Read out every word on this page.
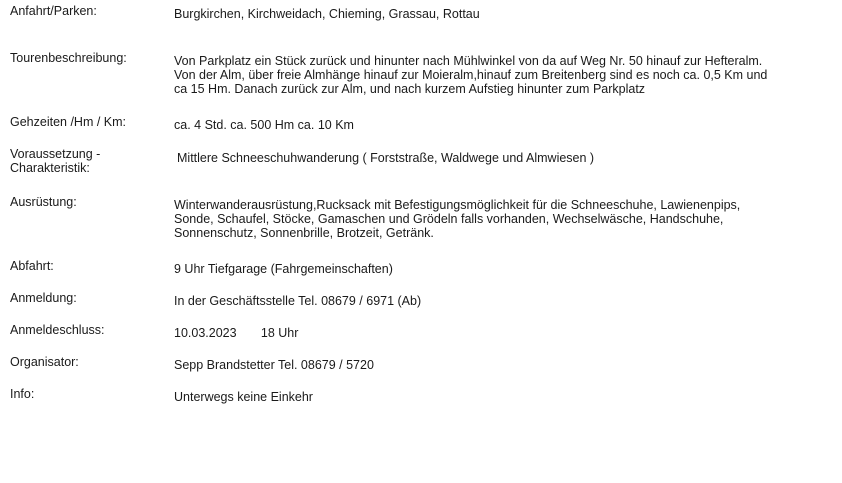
Anfahrt/Parken:	Burgkirchen, Kirchweidach, Chieming, Grassau, Rottau
Tourenbeschreibung:	Von Parkplatz ein Stück zurück und hinunter nach Mühlwinkel von da auf Weg Nr. 50 hinauf zur Hefteralm.
Von der Alm, über freie Almhänge hinauf zur Moieralm,hinauf zum Breitenberg sind es noch ca. 0,5 Km und
ca 15 Hm. Danach zurück zur Alm, und nach kurzem Aufstieg hinunter zum Parkplatz
Gehzeiten /Hm / Km:	ca. 4 Std. ca. 500 Hm ca. 10 Km
Voraussetzung -
Charakteristik:
Mittlere Schneeschuhwanderung ( Forststraße, Waldwege und Almwiesen )
Ausrüstung:	Winterwanderausrüstung,Rucksack mit Befestigungsmöglichkeit für die Schneeschuhe, Lawienenpips,
Sonde, Schaufel, Stöcke, Gamaschen und Grödeln falls vorhanden, Wechselwäsche, Handschuhe,
Sonnenschutz, Sonnenbrille, Brotzeit, Getränk.
Abfahrt:	9 Uhr Tiefgarage (Fahrgemeinschaften)
Anmeldung:	In der Geschäftsstelle Tel. 08679 / 6971 (Ab)
Anmeldeschluss:	10.03.2023       18 Uhr
Organisator:	Sepp Brandstetter Tel. 08679 / 5720
Info:	Unterwegs keine Einkehr
